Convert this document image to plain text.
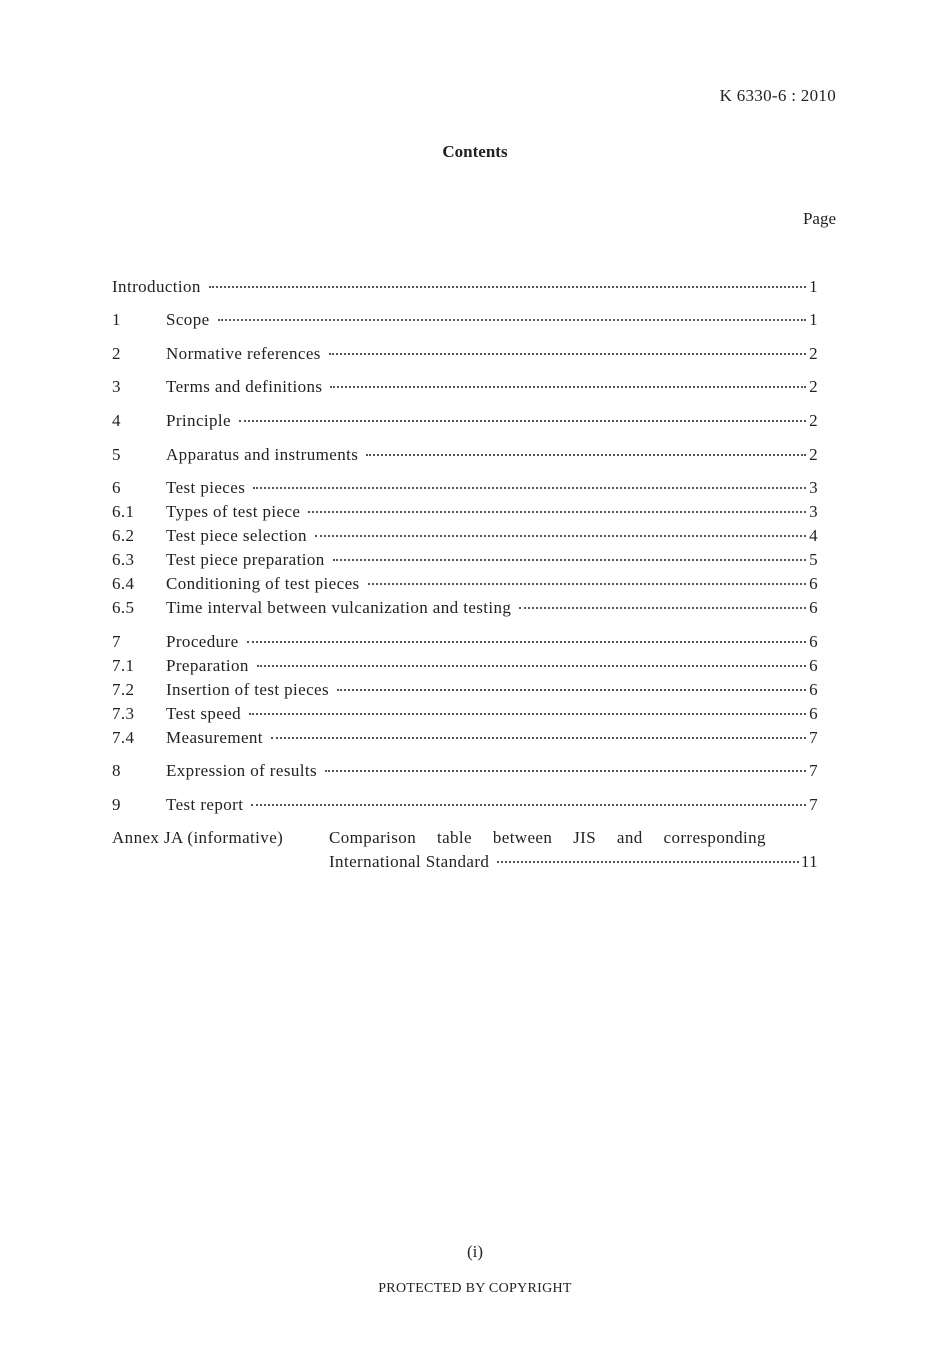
K 6330-6 : 2010
Contents
Page
Introduction	1
1	Scope	1
2	Normative references	2
3	Terms and definitions	2
4	Principle	2
5	Apparatus and instruments	2
6	Test pieces	3
6.1	Types of test piece	3
6.2	Test piece selection	4
6.3	Test piece preparation	5
6.4	Conditioning of test pieces	6
6.5	Time interval between vulcanization and testing	6
7	Procedure	6
7.1	Preparation	6
7.2	Insertion of test pieces	6
7.3	Test speed	6
7.4	Measurement	7
8	Expression of results	7
9	Test report	7
Annex JA (informative)	Comparison table between JIS and corresponding
International Standard	11
(i)
PROTECTED BY COPYRIGHT
